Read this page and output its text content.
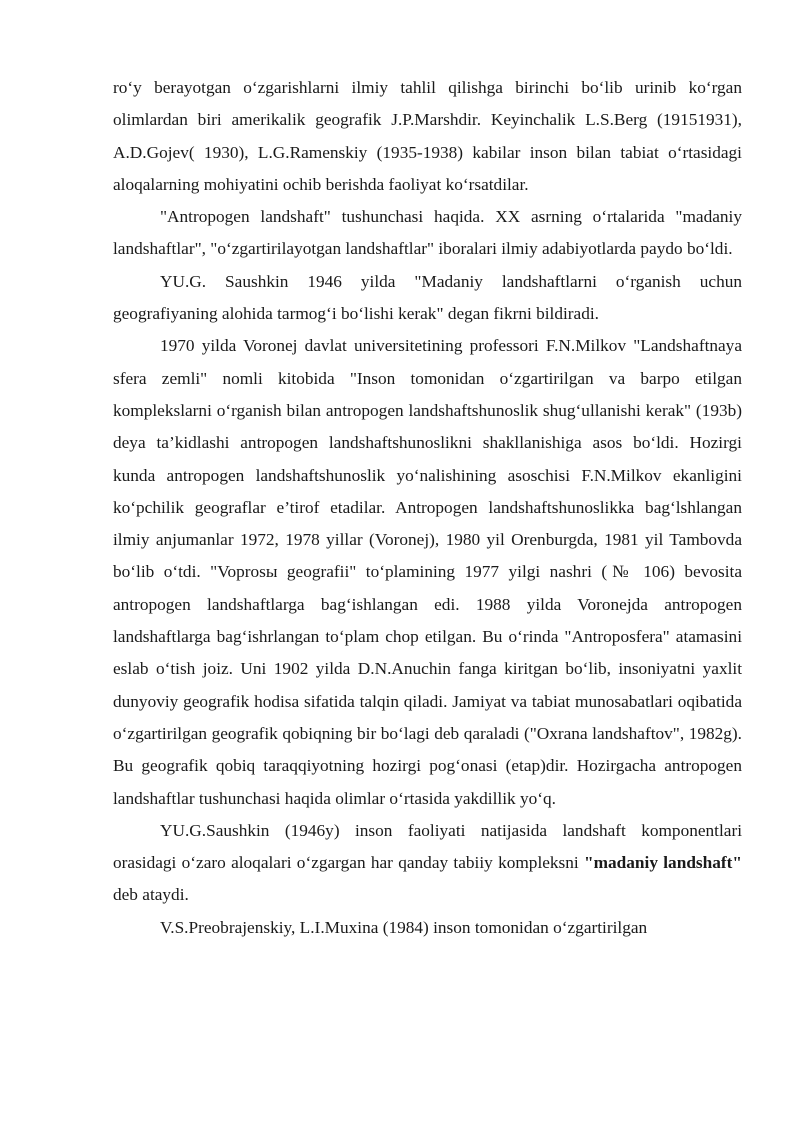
ro‘y berayotgan o‘zgarishlarni ilmiy tahlil qilishga birinchi bo‘lib urinib ko‘rgan olimlardan biri amerikalik geografik J.P.Marshdir. Keyinchalik L.S.Berg (19151931), A.D.Gojev( 1930), L.G.Ramenskiy (1935-1938) kabilar inson bilan tabiat o‘rtasidagi aloqalarning mohiyatini ochib berishda faoliyat ko‘rsatdilar.

"Antropogen landshaft" tushunchasi haqida. XX asrning o‘rtalarida "madaniy landshaftlar", "o‘zgartirilayotgan landshaftlar" iboralari ilmiy adabiyotlarda paydo bo‘ldi.

YU.G. Saushkin 1946 yilda "Madaniy landshaftlarni o‘rganish uchun geografiyaning alohida tarmog‘i bo‘lishi kerak" degan fikrni bildiradi.

1970 yilda Voronej davlat universitetining professori F.N.Milkov "Landshaftnaya sfera zemli" nomli kitobida "Inson tomonidan o‘zgartirilgan va barpo etilgan komplekslarni o‘rganish bilan antropogen landshaftshunoslik shug‘ullanishi kerak" (193b) deya ta’kidlashi antropogen landshaftshunoslikni shakllanishiga asos bo‘ldi. Hozirgi kunda antropogen landshaftshunoslik yo‘nalishining asoschisi F.N.Milkov ekanligini ko‘pchilik geograflar e’tirof etadilar. Antropogen landshaftshunoslikka bag‘lshlangan ilmiy anjumanlar 1972, 1978 yillar (Voronej), 1980 yil Orenburgda, 1981 yil Tambovda bo‘lib o‘tdi. "Voprosы geografii" to‘plamining 1977 yilgi nashri (№ 106) bevosita antropogen landshaftlarga bag‘ishlangan edi. 1988 yilda Voronejda antropogen landshaftlarga bag‘ishrlangan to‘plam chop etilgan. Bu o‘rinda "Antroposfera" atamasini eslab o‘tish joiz. Uni 1902 yilda D.N.Anuchin fanga kiritgan bo‘lib, insoniyatni yaxlit dunyoviy geografik hodisa sifatida talqin qiladi. Jamiyat va tabiat munosabatlari oqibatida o‘zgartirilgan geografik qobiqning bir bo‘lagi deb qaraladi ("Oxrana landshaftov", 1982g). Bu geografik qobiq taraqqiyotning hozirgi pog‘onasi (etap)dir. Hozirgacha antropogen landshaftlar tushunchasi haqida olimlar o‘rtasida yakdillik yo‘q.

YU.G.Saushkin (1946y) inson faoliyati natijasida landshaft komponentlari orasidagi o‘zaro aloqalari o‘zgargan har qanday tabiiy kompleksni "madaniy landshaft" deb ataydi.

V.S.Preobrajenskiy, L.I.Muxina (1984) inson tomonidan o‘zgartirilgan
